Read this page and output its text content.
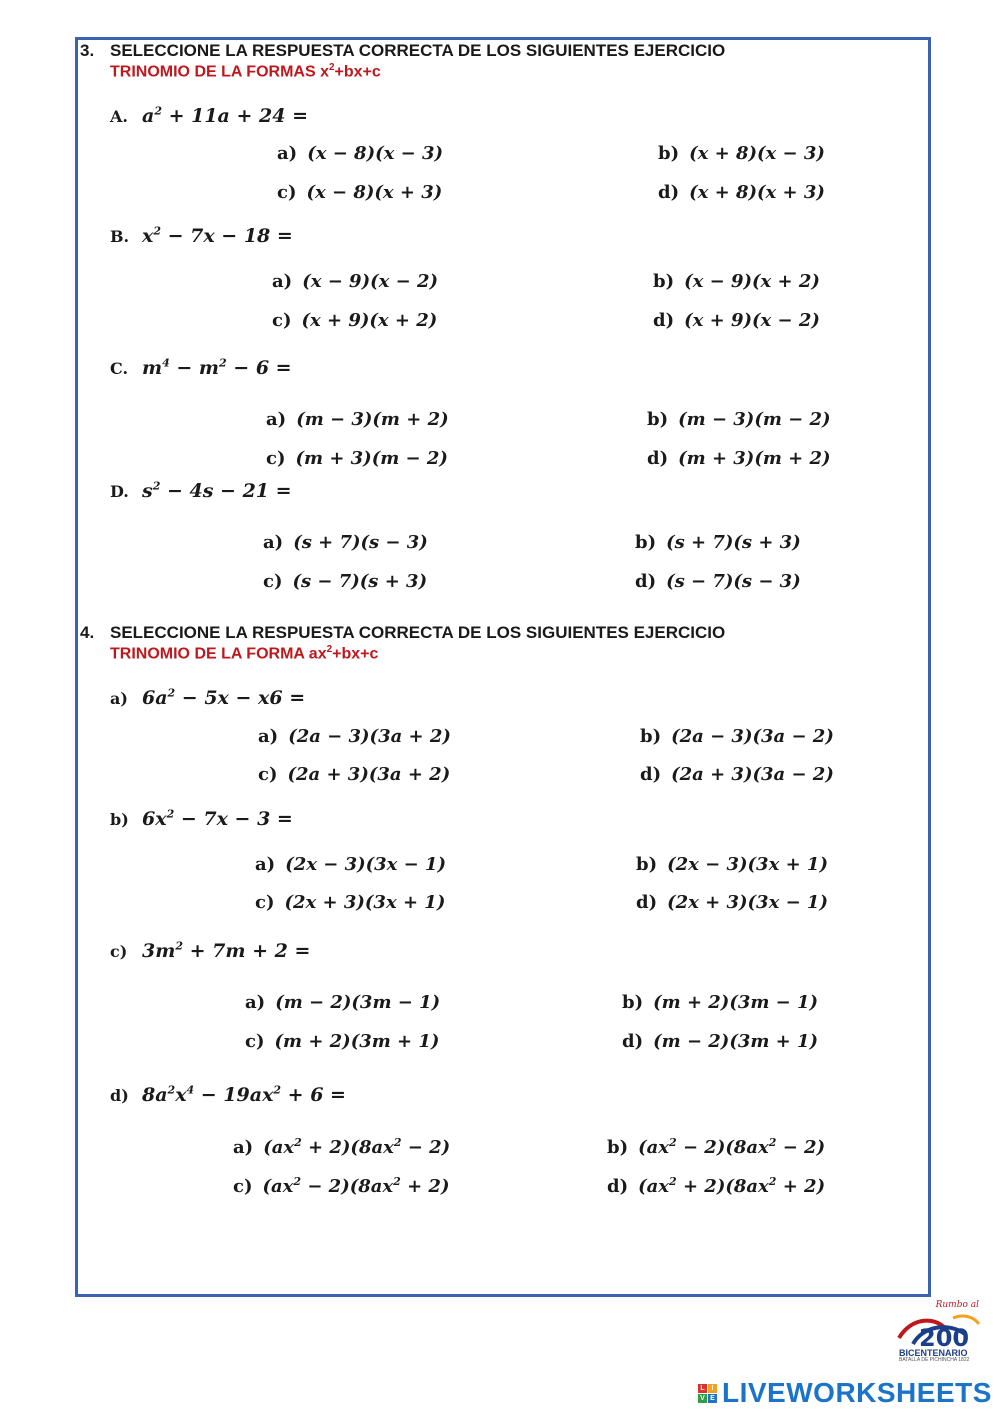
3. SELECCIONE LA RESPUESTA CORRECTA DE LOS SIGUIENTES EJERCICIO
TRINOMIO DE LA FORMAS $x^2+bx+c$
4. SELECCIONE LA RESPUESTA CORRECTA DE LOS SIGUIENTES EJERCICIO
TRINOMIO DE LA FORMA $ax^2+bx+c$
A. $a^2 + 11a + 24$ =
a) (x − 8)(x − 3)	b) (x + 8)(x − 3)
c) (x − 8)(x + 3)	d) (x + 8)(x + 3)
B. $x^2 - 7x - 18$ =
a) (x − 9)(x − 2)	b) (x − 9)(x + 2)
c) (x + 9)(x + 2)	d) (x + 9)(x − 2)
C. $m^4 - m^2 - 6$ =
a) (m − 3)(m + 2)	b) (m − 3)(m − 2)
c) (m + 3)(m − 2)	d) (m + 3)(m + 2)
D. $s^2 - 4s - 21$ =
a) (s + 7)(s − 3)	b) (s + 7)(s + 3)
c) (s − 7)(s + 3)	d) (s − 7)(s − 3)
a) $6a^2 - 5x - x6$ =
a) (2a − 3)(3a + 2)	b) (2a − 3)(3a − 2)
c) (2a + 3)(3a + 2)	d) (2a + 3)(3a − 2)
b) $6x^2 - 7x - 3$ =
a) (2x − 3)(3x − 1)	b) (2x − 3)(3x + 1)
c) (2x + 3)(3x + 1)	d) (2x + 3)(3x − 1)
c) $3m^2 + 7m + 2$ =
a) (m − 2)(3m − 1)	b) (m + 2)(3m − 1)
c) (m + 2)(3m + 1)	d) (m − 2)(3m + 1)
d) $8a^2x^4 - 19ax^2 + 6$ =
a) $(ax^2 + 2)(8ax^2 - 2)$	b) $(ax^2 - 2)(8ax^2 - 2)$
c) $(ax^2 - 2)(8ax^2 + 2)$	d) $(ax^2 + 2)(8ax^2 + 2)$
Rumbo al
200
BICENTENARIO
BATALLA DE PICHINCHA 1822
L I
V E LIVEWORKSHEETS
